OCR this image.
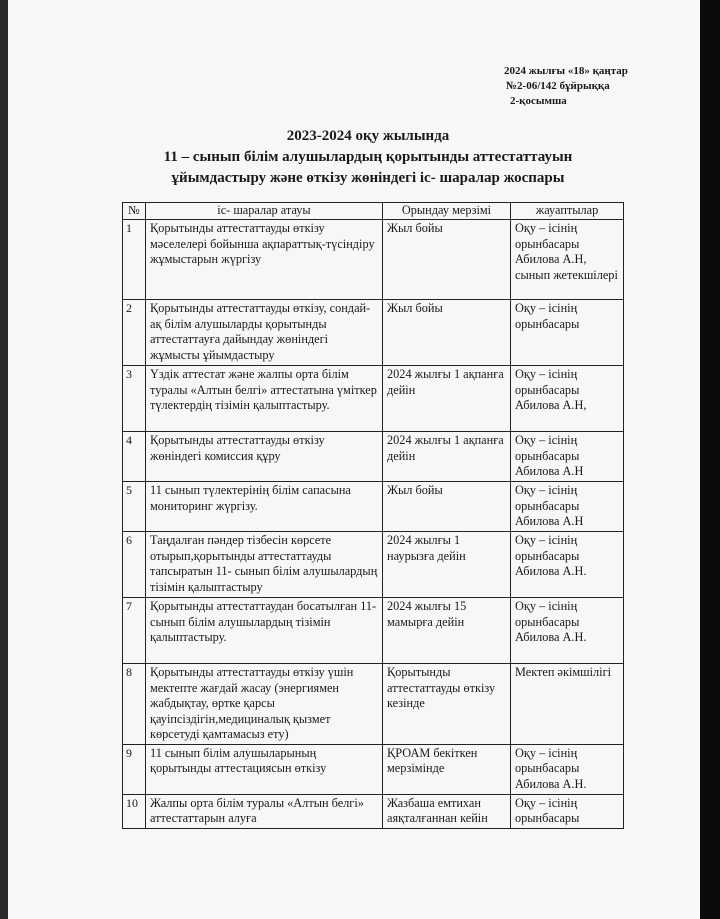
2024 жылғы «18» қаңтар
№2-06/142 бұйрыққа
2-қосымша
2023-2024 оқу жылында
11 – сынып білім алушылардың қорытынды аттестаттауын
ұйымдастыру және өткізу жөніндегі іс- шаралар жоспары
№	іс- шаралар атауы	Орындау мерзімі	жауаптылар
1	Қорытынды аттестаттауды өткізу мәселелері бойынша ақпараттық-түсіндіру жұмыстарын жүргізу	Жыл бойы	Оқу – ісінің орынбасары Абилова А.Н, сынып жетекшілері
2	Қорытынды аттестаттауды өткізу, сондай- ақ білім алушыларды қорытынды аттестаттауға дайындау жөніндегі жұмысты ұйымдастыру	Жыл бойы	Оқу – ісінің орынбасары
3	Үздік аттестат және жалпы орта білім туралы «Алтын белгі» аттестатына үміткер түлектердің тізімін қалыптастыру.	2024 жылғы 1 ақпанға дейін	Оқу – ісінің орынбасары Абилова А.Н,
4	Қорытынды аттестаттауды өткізу жөніндегі комиссия құру	2024 жылғы 1 ақпанға дейін	Оқу – ісінің орынбасары Абилова А.Н
5	11 сынып түлектерінің білім сапасына мониторинг жүргізу.	Жыл бойы	Оқу – ісінің орынбасары Абилова А.Н
6	Таңдалған пәндер тізбесін көрсете отырып,қорытынды аттестаттауды тапсыратын 11- сынып білім алушылардың тізімін қалыптастыру	2024 жылғы 1 наурызға дейін	Оқу – ісінің орынбасары Абилова А.Н.
7	Қорытынды аттестаттаудан босатылған 11- сынып білім алушылардың тізімін қалыптастыру.	2024 жылғы 15 мамырға дейін	Оқу – ісінің орынбасары Абилова А.Н.
8	Қорытынды аттестаттауды өткізу үшін мектепте жағдай жасау (энергиямен жабдықтау, өртке қарсы қауіпсіздігін,медициналық қызмет көрсетуді қамтамасыз ету)	Қорытынды аттестаттауды өткізу кезінде	Мектеп әкімшілігі
9	11 сынып білім алушыларының қорытынды аттестациясын өткізу	ҚРОАМ бекіткен мерзімінде	Оқу – ісінің орынбасары Абилова А.Н.
10	Жалпы орта білім туралы «Алтын белгі» аттестаттарын алуға	Жазбаша емтихан аяқталғаннан кейін	Оқу – ісінің орынбасары
